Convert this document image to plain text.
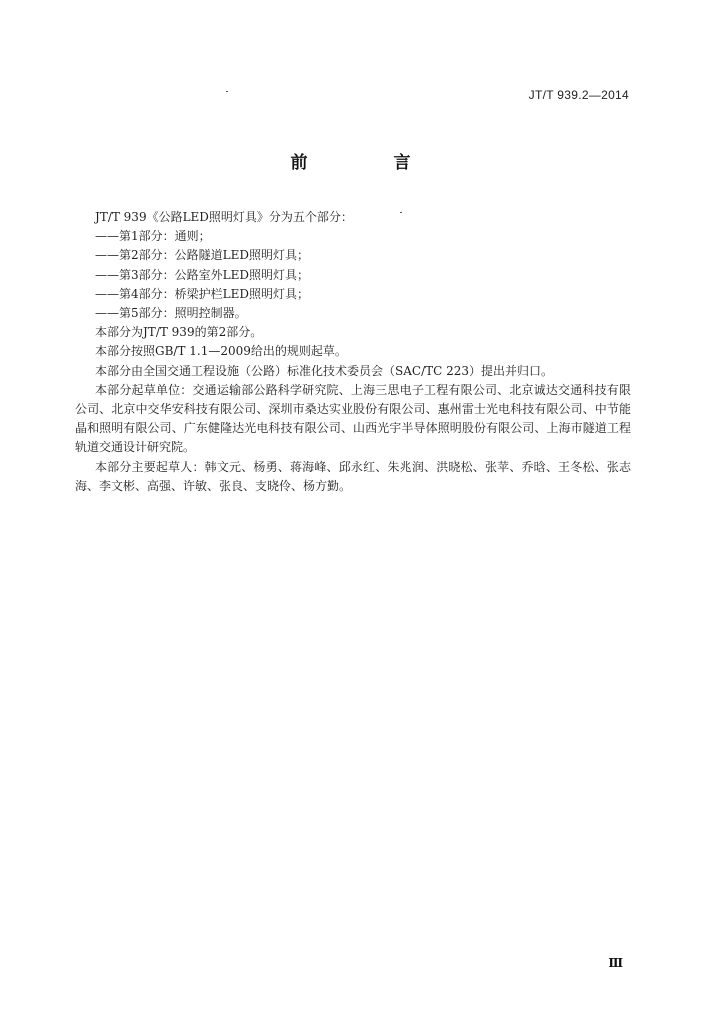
JT/T 939.2—2014
前 言

JT/T 939《公路LED照明灯具》分为五个部分：

——第1部分：通则；

——第2部分：公路隧道LED照明灯具；

——第3部分：公路室外LED照明灯具；

——第4部分：桥梁护栏LED照明灯具；

——第5部分：照明控制器。

本部分为JT/T 939的第2部分。

本部分按照GB/T 1.1—2009给出的规则起草。

本部分由全国交通工程设施（公路）标准化技术委员会（SAC/TC 223）提出并归口。

本部分起草单位：交通运输部公路科学研究院、上海三思电子工程有限公司、北京诚达交通科技有限公司、北京中交华安科技有限公司、深圳市桑达实业股份有限公司、惠州雷士光电科技有限公司、中节能晶和照明有限公司、广东健隆达光电科技有限公司、山西光宇半导体照明股份有限公司、上海市隧道工程轨道交通设计研究院。

本部分主要起草人：韩文元、杨勇、蒋海峰、邱永红、朱兆润、洪晓松、张苹、乔晗、王冬松、张志海、李文彬、高强、许敏、张良、支晓伶、杨方勤。

Ⅲ
